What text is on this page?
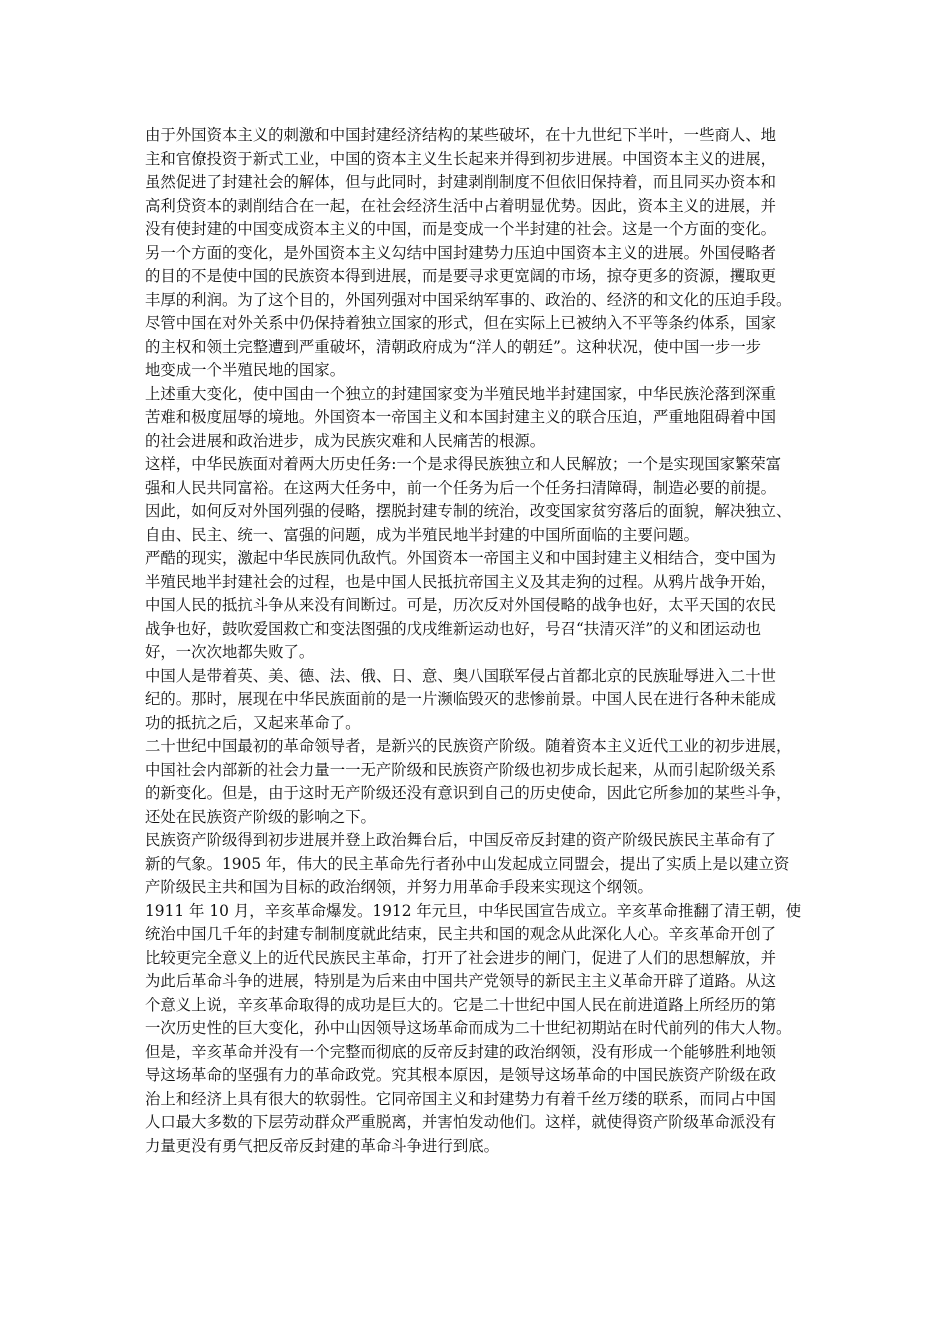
由于外国资本主义的刺激和中国封建经济结构的某些破坏，在十九世纪下半叶，一些商人、地
主和官僚投资于新式工业，中国的资本主义生长起来并得到初步进展。中国资本主义的进展，
虽然促进了封建社会的解体，但与此同时，封建剥削制度不但依旧保持着，而且同买办资本和
高利贷资本的剥削结合在一起，在社会经济生活中占着明显优势。因此，资本主义的进展，并
没有使封建的中国变成资本主义的中国，而是变成一个半封建的社会。这是一个方面的变化。

另一个方面的变化，是外国资本主义勾结中国封建势力压迫中国资本主义的进展。外国侵略者
的目的不是使中国的民族资本得到进展，而是要寻求更宽阔的市场，掠夺更多的资源，攫取更
丰厚的利润。为了这个目的，外国列强对中国采纳军事的、政治的、经济的和文化的压迫手段。
尽管中国在对外关系中仍保持着独立国家的形式，但在实际上已被纳入不平等条约体系，国家
的主权和领土完整遭到严重破坏，清朝政府成为“洋人的朝廷”。这种状况，使中国一步一步
地变成一个半殖民地的国家。

上述重大变化，使中国由一个独立的封建国家变为半殖民地半封建国家，中华民族沦落到深重
苦难和极度屈辱的境地。外国资本一帝国主义和本国封建主义的联合压迫，严重地阻碍着中国
的社会进展和政治进步，成为民族灾难和人民痛苦的根源。

这样，中华民族面对着两大历史任务:一个是求得民族独立和人民解放；一个是实现国家繁荣富
强和人民共同富裕。在这两大任务中，前一个任务为后一个任务扫清障碍，制造必要的前提。
因此，如何反对外国列强的侵略，摆脱封建专制的统治，改变国家贫穷落后的面貌，解决独立、
自由、民主、统一、富强的问题，成为半殖民地半封建的中国所面临的主要问题。

严酷的现实，激起中华民族同仇敌忾。外国资本一帝国主义和中国封建主义相结合，变中国为
半殖民地半封建社会的过程，也是中国人民抵抗帝国主义及其走狗的过程。从鸦片战争开始，
中国人民的抵抗斗争从来没有间断过。可是，历次反对外国侵略的战争也好，太平天国的农民
战争也好，鼓吹爱国救亡和变法图强的戊戌维新运动也好，号召“扶清灭洋”的义和团运动也
好，一次次地都失败了。

中国人是带着英、美、德、法、俄、日、意、奥八国联军侵占首都北京的民族耻辱进入二十世
纪的。那时，展现在中华民族面前的是一片濒临毁灭的悲惨前景。中国人民在进行各种未能成
功的抵抗之后，又起来革命了。

二十世纪中国最初的革命领导者，是新兴的民族资产阶级。随着资本主义近代工业的初步进展，
中国社会内部新的社会力量一一无产阶级和民族资产阶级也初步成长起来，从而引起阶级关系
的新变化。但是，由于这时无产阶级还没有意识到自己的历史使命，因此它所参加的某些斗争，
还处在民族资产阶级的影响之下。

民族资产阶级得到初步进展并登上政治舞台后，中国反帝反封建的资产阶级民族民主革命有了
新的气象。1905 年，伟大的民主革命先行者孙中山发起成立同盟会，提出了实质上是以建立资
产阶级民主共和国为目标的政治纲领，并努力用革命手段来实现这个纲领。

1911 年 10 月，辛亥革命爆发。1912 年元旦，中华民国宣告成立。辛亥革命推翻了清王朝，使
统治中国几千年的封建专制制度就此结束，民主共和国的观念从此深化人心。辛亥革命开创了
比较更完全意义上的近代民族民主革命，打开了社会进步的闸门，促进了人们的思想解放，并
为此后革命斗争的进展，特别是为后来由中国共产党领导的新民主主义革命开辟了道路。从这
个意义上说，辛亥革命取得的成功是巨大的。它是二十世纪中国人民在前进道路上所经历的第
一次历史性的巨大变化，孙中山因领导这场革命而成为二十世纪初期站在时代前列的伟大人物。
但是，辛亥革命并没有一个完整而彻底的反帝反封建的政治纲领，没有形成一个能够胜利地领
导这场革命的坚强有力的革命政党。究其根本原因，是领导这场革命的中国民族资产阶级在政
治上和经济上具有很大的软弱性。它同帝国主义和封建势力有着千丝万缕的联系，而同占中国
人口最大多数的下层劳动群众严重脱离，并害怕发动他们。这样，就使得资产阶级革命派没有
力量更没有勇气把反帝反封建的革命斗争进行到底。
